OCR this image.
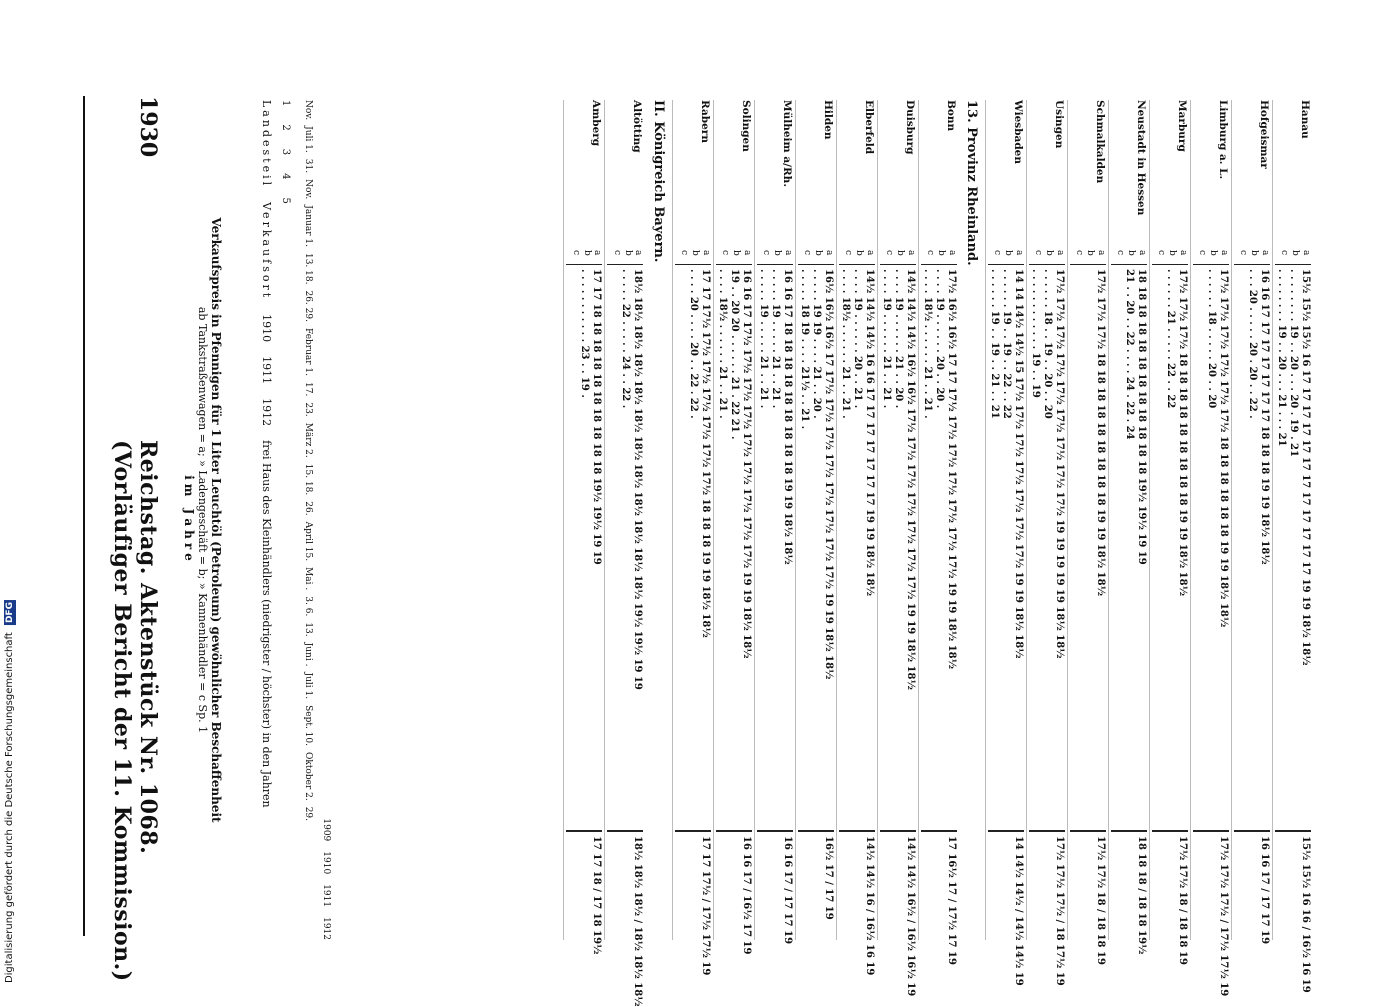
1930
Reichstag. Aktenstück Nr. 1068. (Vorläufiger Bericht der 11. Kommission.)	Verkaufspreis in Pfennigen für 1 Liter Leuchtöl (Petroleum) gewöhnlicher Beschaffenheit
ab Tankstraßenwagen = a; » Ladengeschäft = b; » Kannenhändler = c Sp. 1
im Jahre
Landesteil
Verkaufsort
1910
1911
1912
frei Haus des Kleinhändlers (niedrigster / höchster) in den Jahren
1
2
3
4
5
Nov.
Juli 1.
31.
Nov.
Januar 1.
13. 18.
26. 29.
Februar 1.
17.
23.
März 2.
15. 18.
26.
April 15.
Mai .
3. 6.
13.
Juni .
Juli 1.
Sept. 10.
Oktober 2.
29.
1909
1910
1911
1912
Hanau
a
b
c
15½ 15½ 15½ 16 17 17 17 17 17 17 17 17 17 17 17 17 19 19 18½ 18½
. . . . . . . . 19 . . 20 . . . 20 . 19 . 21
. . . . . . . . 19 . . 20 . . . 21 . . . 21
15½ 15½ 16 16 / 16½ 16 19
Hofgeismar
a
b
c
16 16 17 17 17 17 17 17 17 18 18 18 19 19 18½ 18½
. . . 20 . . . . . 20 . 20 . . 22 .

16 16 17 / 17 17 19
Limburg a. L.
a
b
c
17½ 17½ 17½ 17½ 17½ 17½ 18 18 18 18 18 18 19 19 18½ 18½
. . . . . . 18 . . . . . 20 . . 20

17½ 17½ 17½ / 17½ 17½ 19
Marburg
a
b
c
17½ 17½ 17½ 18 18 18 18 18 18 18 18 18 19 19 18½ 18½
. . . . . . 21 . . . . . 22 . . 22

17½ 17½ 18 / 18 18 19
Neustadt in Hessen
a
b
c
18 18 18 18 18 18 18 18 18 18 18 18 19½ 19½ 19 19
21 . . 20 . . 22 . . . . 24 . 22 . 24

18 18 18 / 18 18 19½
Schmalkalden
a
b
c
17½ 17½ 17½ 18 18 18 18 18 18 18 18 18 19 19 18½ 18½

17½ 17½ 18 / 18 18 19
Usingen
a
b
c
17½ 17½ 17½ 17½ 17½ 17½ 17½ 17½ 17½ 19 19 19 19 19 18½ 18½
. . . . . . 18 . . 19 . . 20 . . 20
. . . . . . . . . . . . 19 . . 19
17½ 17½ 17½ / 18 17½ 19
Wiesbaden
a
b
c
14 14 14½ 14½ 15 17½ 17½ 17½ 17½ 17½ 17½ 17½ 19 19 18½ 18½
. . . . . . 19 . . 19 . . 22 . . 22
. . . . . . 19 . . 19 . . 21 . . 21
14 14½ 14½ / 14½ 14½ 19
13. Provinz Rheinland.
Bonn
a
b
c
17½ 16½ 16½ 17 17 17½ 17½ 17½ 17½ 17½ 17½ 17½ 19 19 18½ 18½
. . . . 19 . . . . . . 20 . . 20 .
. . . . 18½ . . . . . . 21 . . 21 .
17 16½ 17 / 17½ 17 19
Duisburg
a
b
c
14½ 14½ 14½ 16½ 16½ 17½ 17½ 17½ 17½ 17½ 17½ 17½ 19 19 18½ 18½
. . . . 19 . . . . . . 21 . . 20 .
. . . . 19 . . . . . . 21 . . 21 .
14½ 14½ 16½ / 16½ 16½ 19
Elberfeld
a
b
c
14½ 14½ 14½ 16 16 17 17 17 17 17 17 17 19 19 18½ 18½
. . . . 19 . . . . . . 20 . . 21 .
. . . . 18½ . . . . . . 21 . . 21 .
14½ 14½ 16 / 16½ 16 19
Hilden
a
b
c
16½ 16½ 16½ 17 17½ 17½ 17½ 17½ 17½ 17½ 17½ 17½ 19 19 18½ 18½
. . . . . 19 19 . . . . 21 . . 20 .
. . . . . 18 19 . . . . 21½ . . 21 .
16½ 17 / 17 19
Mülheim a/Rh.
a
b
c
16 16 17 18 18 18 18 18 18 18 18 18 19 19 18½ 18½
. . . . . 19 . . . . . 21 . . 21 .
. . . . . 19 . . . . . 21 . . 21 .
16 16 17 / 17 17 19
Solingen
a
b
c
16 16 17 17½ 17½ 17½ 17½ 17½ 17½ 17½ 17½ 17½ 19 19 18½ 18½
19 . . 20 20 . . . . . . 21 . 22 21 .
. . . . 18½ . . . . . . 21 . . 21 .
16 16 17 / 16½ 17 19
Rabern
a
b
c
17 17 17½ 17½ 17½ 17½ 17½ 17½ 17½ 18 18 18 19 19 18½ 18½
. . . . 20 . . . . 20 . . 22 . 22 .

17 17 17½ / 17½ 17½ 19
II. Königreich Bayern.
Altötting
a
b
c
18½ 18½ 18½ 18½ 18½ 18½ 18½ 18½ 18½ 18½ 18½ 18½ 19½ 19½ 19 19
. . . . . 22 . . . . . 24 . . 22 .

18½ 18½ 18½ / 18½ 18½ 18½
Amberg
a
b
c
17 17 18 18 18 18 18 18 18 18 18 18 19½ 19½ 19 19
. . . . . . . . . . . 23 . . 19 .

17 17 18 / 17 18 19½
Digitalisierung gefördert durch die Deutsche Forschungsgemeinschaft DFG
